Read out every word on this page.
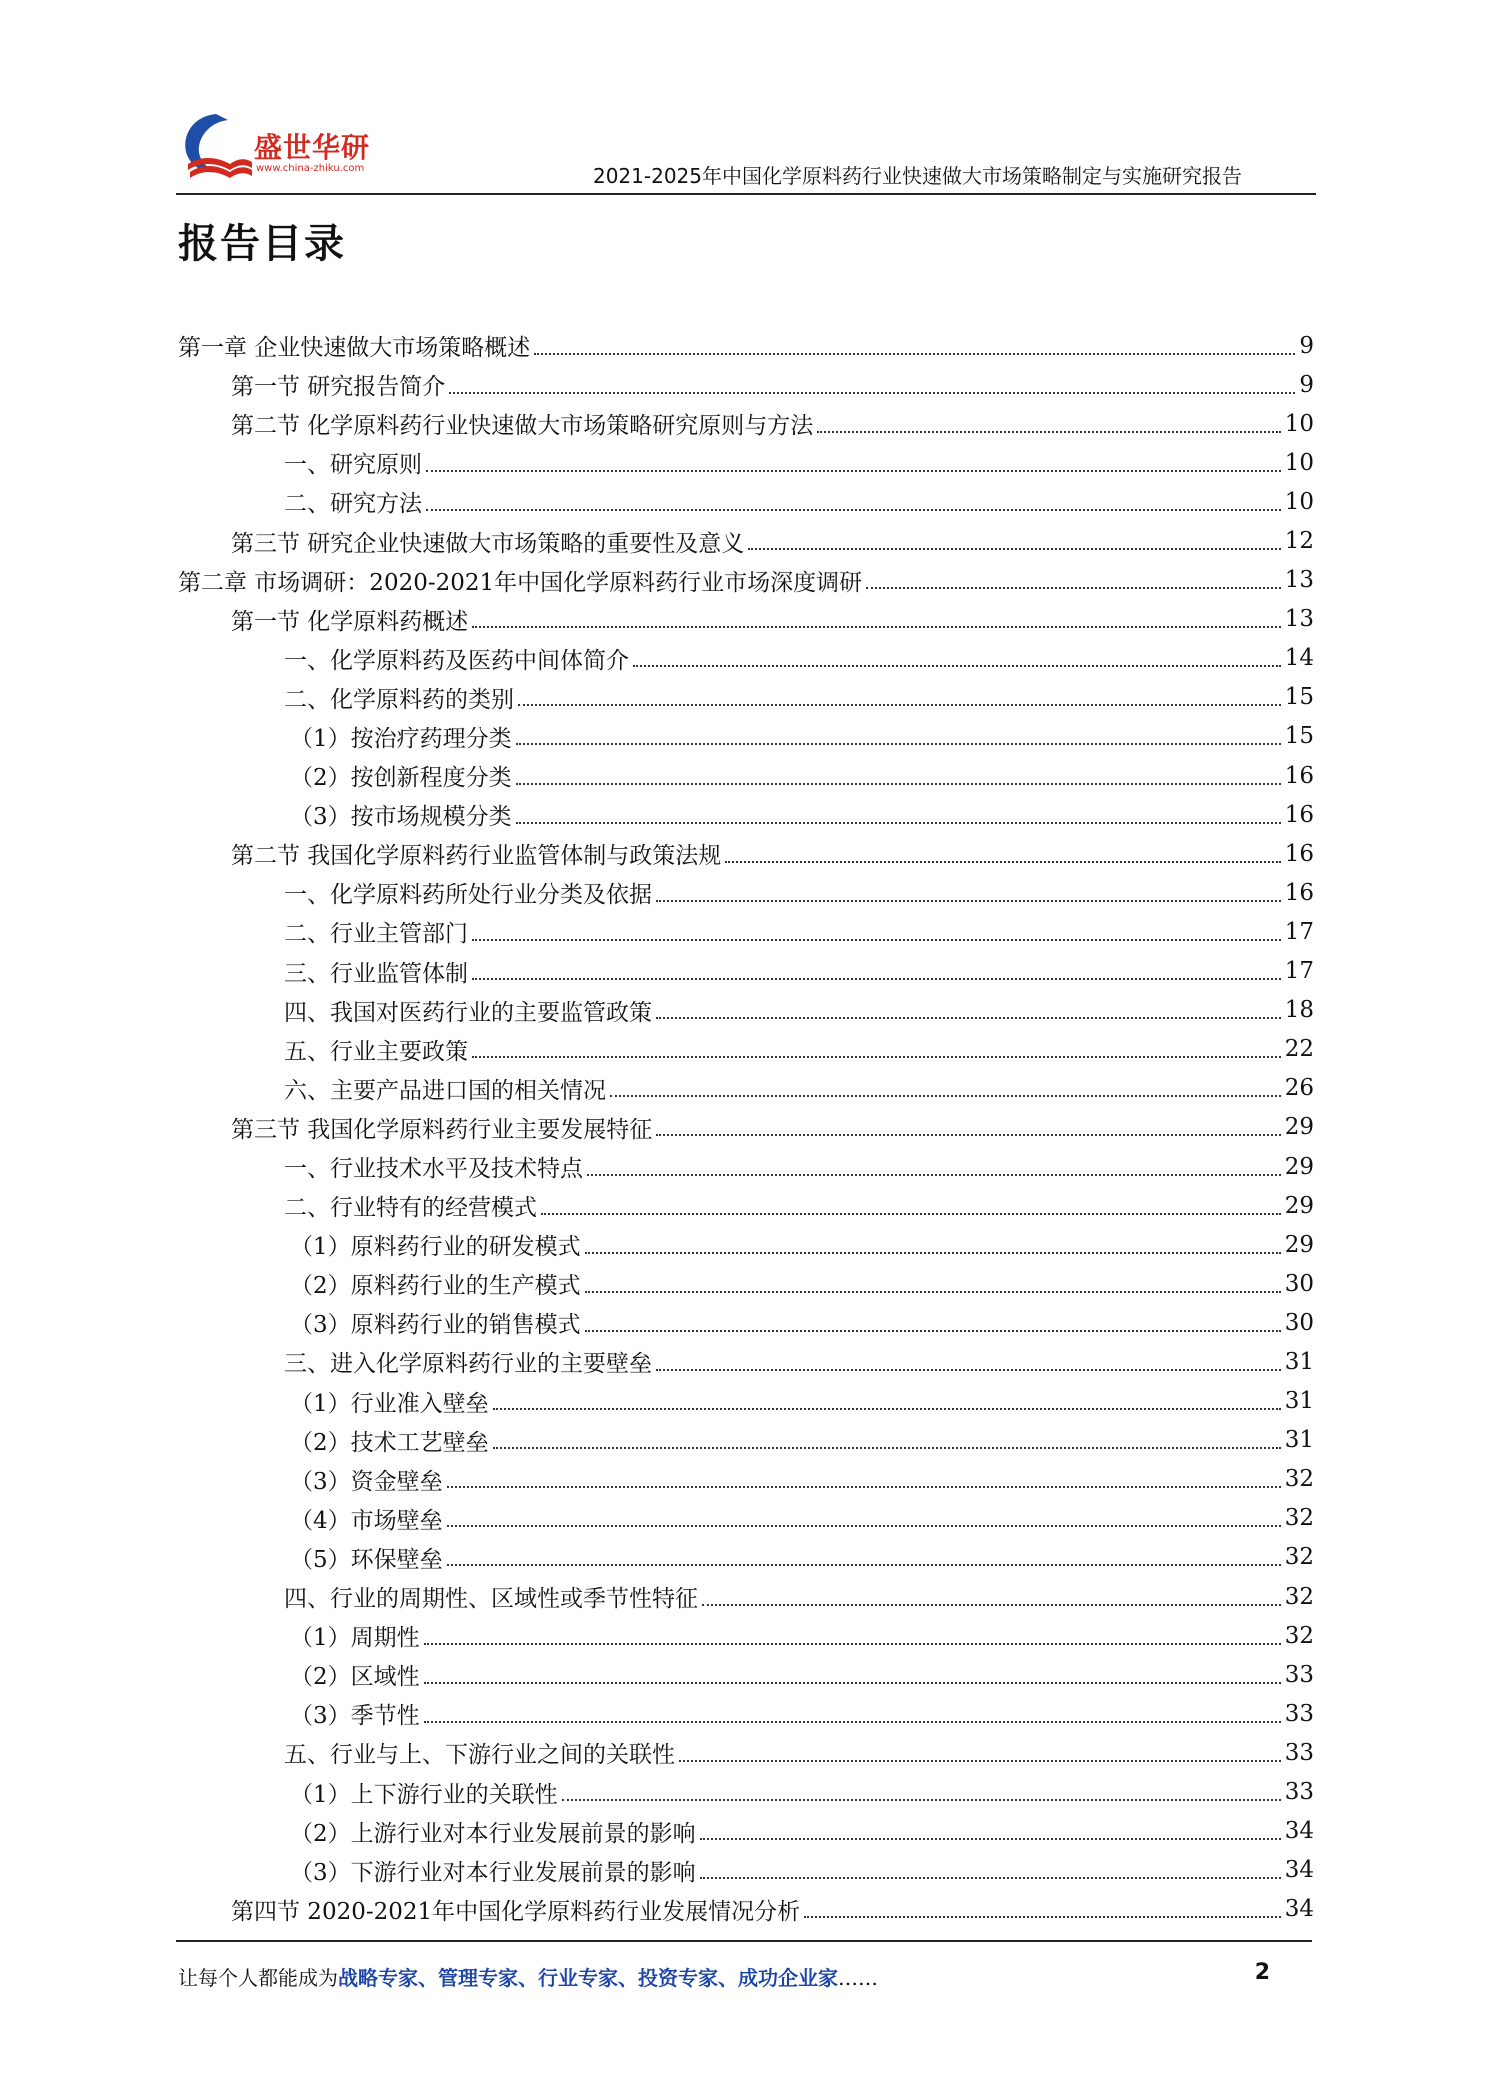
盛世华研
www.china-zhiku.com	2021-2025年中国化学原料药行业快速做大市场策略制定与实施研究报告
报告目录
第一章 企业快速做大市场策略概述	9
第一节 研究报告简介	9
第二节 化学原料药行业快速做大市场策略研究原则与方法	10
一、研究原则	10
二、研究方法	10
第三节 研究企业快速做大市场策略的重要性及意义	12
第二章 市场调研：2020-2021年中国化学原料药行业市场深度调研	13
第一节 化学原料药概述	13
一、化学原料药及医药中间体简介	14
二、化学原料药的类别	15
（1）按治疗药理分类	15
（2）按创新程度分类	16
（3）按市场规模分类	16
第二节 我国化学原料药行业监管体制与政策法规	16
一、化学原料药所处行业分类及依据	16
二、行业主管部门	17
三、行业监管体制	17
四、我国对医药行业的主要监管政策	18
五、行业主要政策	22
六、主要产品进口国的相关情况	26
第三节 我国化学原料药行业主要发展特征	29
一、行业技术水平及技术特点	29
二、行业特有的经营模式	29
（1）原料药行业的研发模式	29
（2）原料药行业的生产模式	30
（3）原料药行业的销售模式	30
三、进入化学原料药行业的主要壁垒	31
（1）行业准入壁垒	31
（2）技术工艺壁垒	31
（3）资金壁垒	32
（4）市场壁垒	32
（5）环保壁垒	32
四、行业的周期性、区域性或季节性特征	32
（1）周期性	32
（2）区域性	33
（3）季节性	33
五、行业与上、下游行业之间的关联性	33
（1）上下游行业的关联性	33
（2）上游行业对本行业发展前景的影响	34
（3）下游行业对本行业发展前景的影响	34
第四节 2020-2021年中国化学原料药行业发展情况分析	34
让每个人都能成为战略专家、管理专家、行业专家、投资专家、成功企业家……	2
